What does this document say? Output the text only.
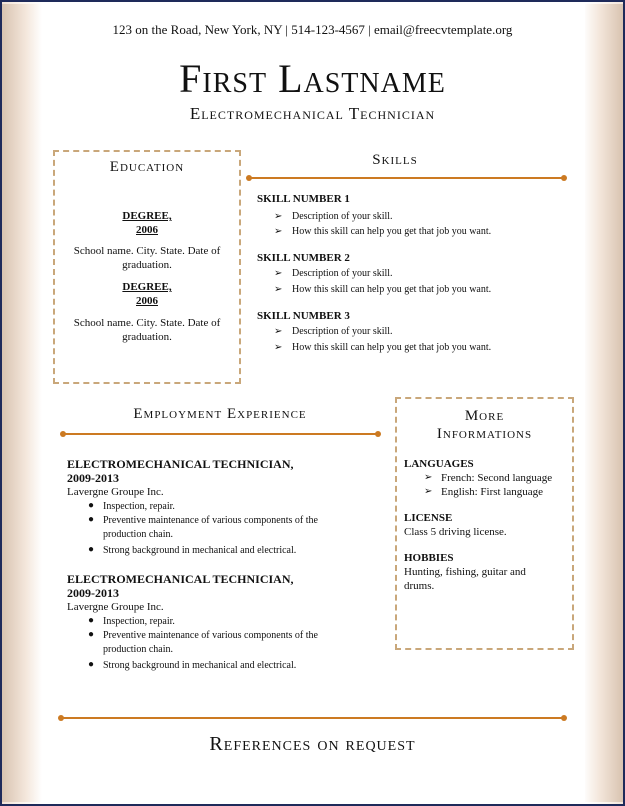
123 on the Road, New York, NY | 514-123-4567 | email@freecvtemplate.org
First Lastname
Electromechanical Technician
Education
DEGREE,
2006
School name. City. State. Date of graduation.
DEGREE,
2006
School name. City. State. Date of graduation.
Skills
SKILL NUMBER 1
➢ Description of your skill.
➢ How this skill can help you get that job you want.
SKILL NUMBER 2
➢ Description of your skill.
➢ How this skill can help you get that job you want.
SKILL NUMBER 3
➢ Description of your skill.
➢ How this skill can help you get that job you want.
Employment Experience
ELECTROMECHANICAL TECHNICIAN,
2009-2013
Lavergne Groupe Inc.
● Inspection, repair.
● Preventive maintenance of various components of the production chain.
● Strong background in mechanical and electrical.
ELECTROMECHANICAL TECHNICIAN,
2009-2013
Lavergne Groupe Inc.
● Inspection, repair.
● Preventive maintenance of various components of the production chain.
● Strong background in mechanical and electrical.
More
Informations
LANGUAGES
➢ French: Second language
➢ English: First language
LICENSE
Class 5 driving license.
HOBBIES
Hunting, fishing, guitar and drums.
References on request
